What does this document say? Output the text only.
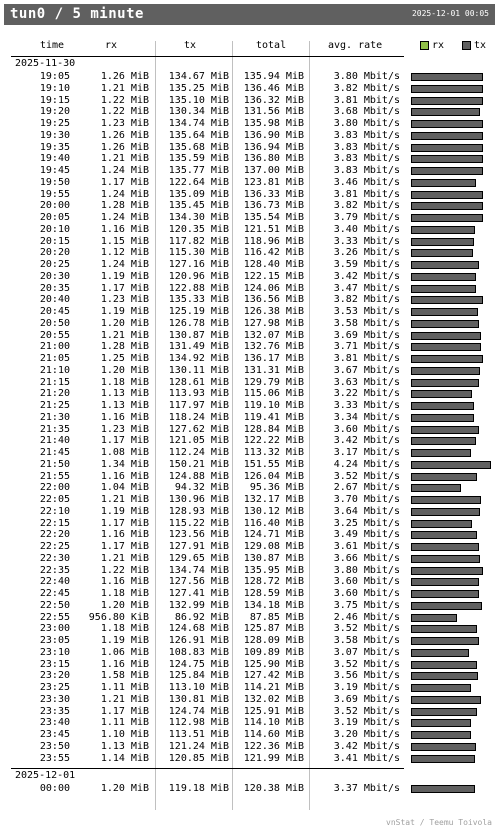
tun0 / 5 minute	2025-12-01 00:05
time	rx	tx	total	avg. rate	rx	tx
2025-11-30
19:05	1.26 MiB 134.67 MiB 135.94 MiB	3.80 Mbit/s
19:10	1.21 MiB 135.25 MiB 136.46 MiB	3.82 Mbit/s
19:15	1.22 MiB 135.10 MiB 136.32 MiB	3.81 Mbit/s
19:20	1.22 MiB 130.34 MiB 131.56 MiB	3.68 Mbit/s
19:25	1.23 MiB 134.74 MiB 135.98 MiB	3.80 Mbit/s
19:30	1.26 MiB 135.64 MiB 136.90 MiB	3.83 Mbit/s
19:35	1.26 MiB 135.68 MiB 136.94 MiB	3.83 Mbit/s
19:40	1.21 MiB 135.59 MiB 136.80 MiB	3.83 Mbit/s
19:45	1.24 MiB 135.77 MiB 137.00 MiB	3.83 Mbit/s
19:50	1.17 MiB 122.64 MiB 123.81 MiB	3.46 Mbit/s
19:55	1.24 MiB 135.09 MiB 136.33 MiB	3.81 Mbit/s
20:00	1.28 MiB 135.45 MiB 136.73 MiB	3.82 Mbit/s
20:05	1.24 MiB 134.30 MiB 135.54 MiB	3.79 Mbit/s
20:10	1.16 MiB 120.35 MiB 121.51 MiB	3.40 Mbit/s
20:15	1.15 MiB 117.82 MiB 118.96 MiB	3.33 Mbit/s
20:20	1.12 MiB 115.30 MiB 116.42 MiB	3.26 Mbit/s
20:25	1.24 MiB 127.16 MiB 128.40 MiB	3.59 Mbit/s
20:30	1.19 MiB 120.96 MiB 122.15 MiB	3.42 Mbit/s
20:35	1.17 MiB 122.88 MiB 124.06 MiB	3.47 Mbit/s
20:40	1.23 MiB 135.33 MiB 136.56 MiB	3.82 Mbit/s
20:45	1.19 MiB 125.19 MiB 126.38 MiB	3.53 Mbit/s
20:50	1.20 MiB 126.78 MiB 127.98 MiB	3.58 Mbit/s
20:55	1.21 MiB 130.87 MiB 132.07 MiB	3.69 Mbit/s
21:00	1.28 MiB 131.49 MiB 132.76 MiB	3.71 Mbit/s
21:05	1.25 MiB 134.92 MiB 136.17 MiB	3.81 Mbit/s
21:10	1.20 MiB 130.11 MiB 131.31 MiB	3.67 Mbit/s
21:15	1.18 MiB 128.61 MiB 129.79 MiB	3.63 Mbit/s
21:20	1.13 MiB 113.93 MiB 115.06 MiB	3.22 Mbit/s
21:25	1.13 MiB 117.97 MiB 119.10 MiB	3.33 Mbit/s
21:30	1.16 MiB 118.24 MiB 119.41 MiB	3.34 Mbit/s
21:35	1.23 MiB 127.62 MiB 128.84 MiB	3.60 Mbit/s
21:40	1.17 MiB 121.05 MiB 122.22 MiB	3.42 Mbit/s
21:45	1.08 MiB 112.24 MiB 113.32 MiB	3.17 Mbit/s
21:50	1.34 MiB 150.21 MiB 151.55 MiB	4.24 Mbit/s
21:55	1.16 MiB 124.88 MiB 126.04 MiB	3.52 Mbit/s
22:00	1.04 MiB	94.32 MiB 95.36 MiB	2.67 Mbit/s
22:05	1.21 MiB 130.96 MiB 132.17 MiB	3.70 Mbit/s
22:10	1.19 MiB 128.93 MiB 130.12 MiB	3.64 Mbit/s
22:15	1.17 MiB 115.22 MiB 116.40 MiB	3.25 Mbit/s
22:20	1.16 MiB 123.56 MiB 124.71 MiB	3.49 Mbit/s
22:25	1.17 MiB 127.91 MiB 129.08 MiB	3.61 Mbit/s
22:30	1.21 MiB 129.65 MiB 130.87 MiB	3.66 Mbit/s
22:35	1.22 MiB 134.74 MiB 135.95 MiB	3.80 Mbit/s
22:40	1.16 MiB 127.56 MiB 128.72 MiB	3.60 Mbit/s
22:45	1.18 MiB 127.41 MiB 128.59 MiB	3.60 Mbit/s
22:50	1.20 MiB 132.99 MiB 134.18 MiB	3.75 Mbit/s
22:55 956.80 KiB	86.92 MiB 87.85 MiB	2.46 Mbit/s
23:00	1.18 MiB 124.68 MiB 125.87 MiB	3.52 Mbit/s
23:05	1.19 MiB 126.91 MiB 128.09 MiB	3.58 Mbit/s
23:10	1.06 MiB 108.83 MiB 109.89 MiB	3.07 Mbit/s
23:15	1.16 MiB 124.75 MiB 125.90 MiB	3.52 Mbit/s
23:20	1.58 MiB 125.84 MiB 127.42 MiB	3.56 Mbit/s
23:25	1.11 MiB 113.10 MiB 114.21 MiB	3.19 Mbit/s
23:30	1.21 MiB 130.81 MiB 132.02 MiB	3.69 Mbit/s
23:35	1.17 MiB 124.74 MiB 125.91 MiB	3.52 Mbit/s
23:40	1.11 MiB 112.98 MiB 114.10 MiB	3.19 Mbit/s
23:45	1.10 MiB 113.51 MiB 114.60 MiB	3.20 Mbit/s
23:50	1.13 MiB 121.24 MiB 122.36 MiB	3.42 Mbit/s
23:55	1.14 MiB 120.85 MiB 121.99 MiB	3.41 Mbit/s
2025-12-01
00:00	1.20 MiB 119.18 MiB 120.38 MiB	3.37 Mbit/s
vnStat / Teemu Toivola
